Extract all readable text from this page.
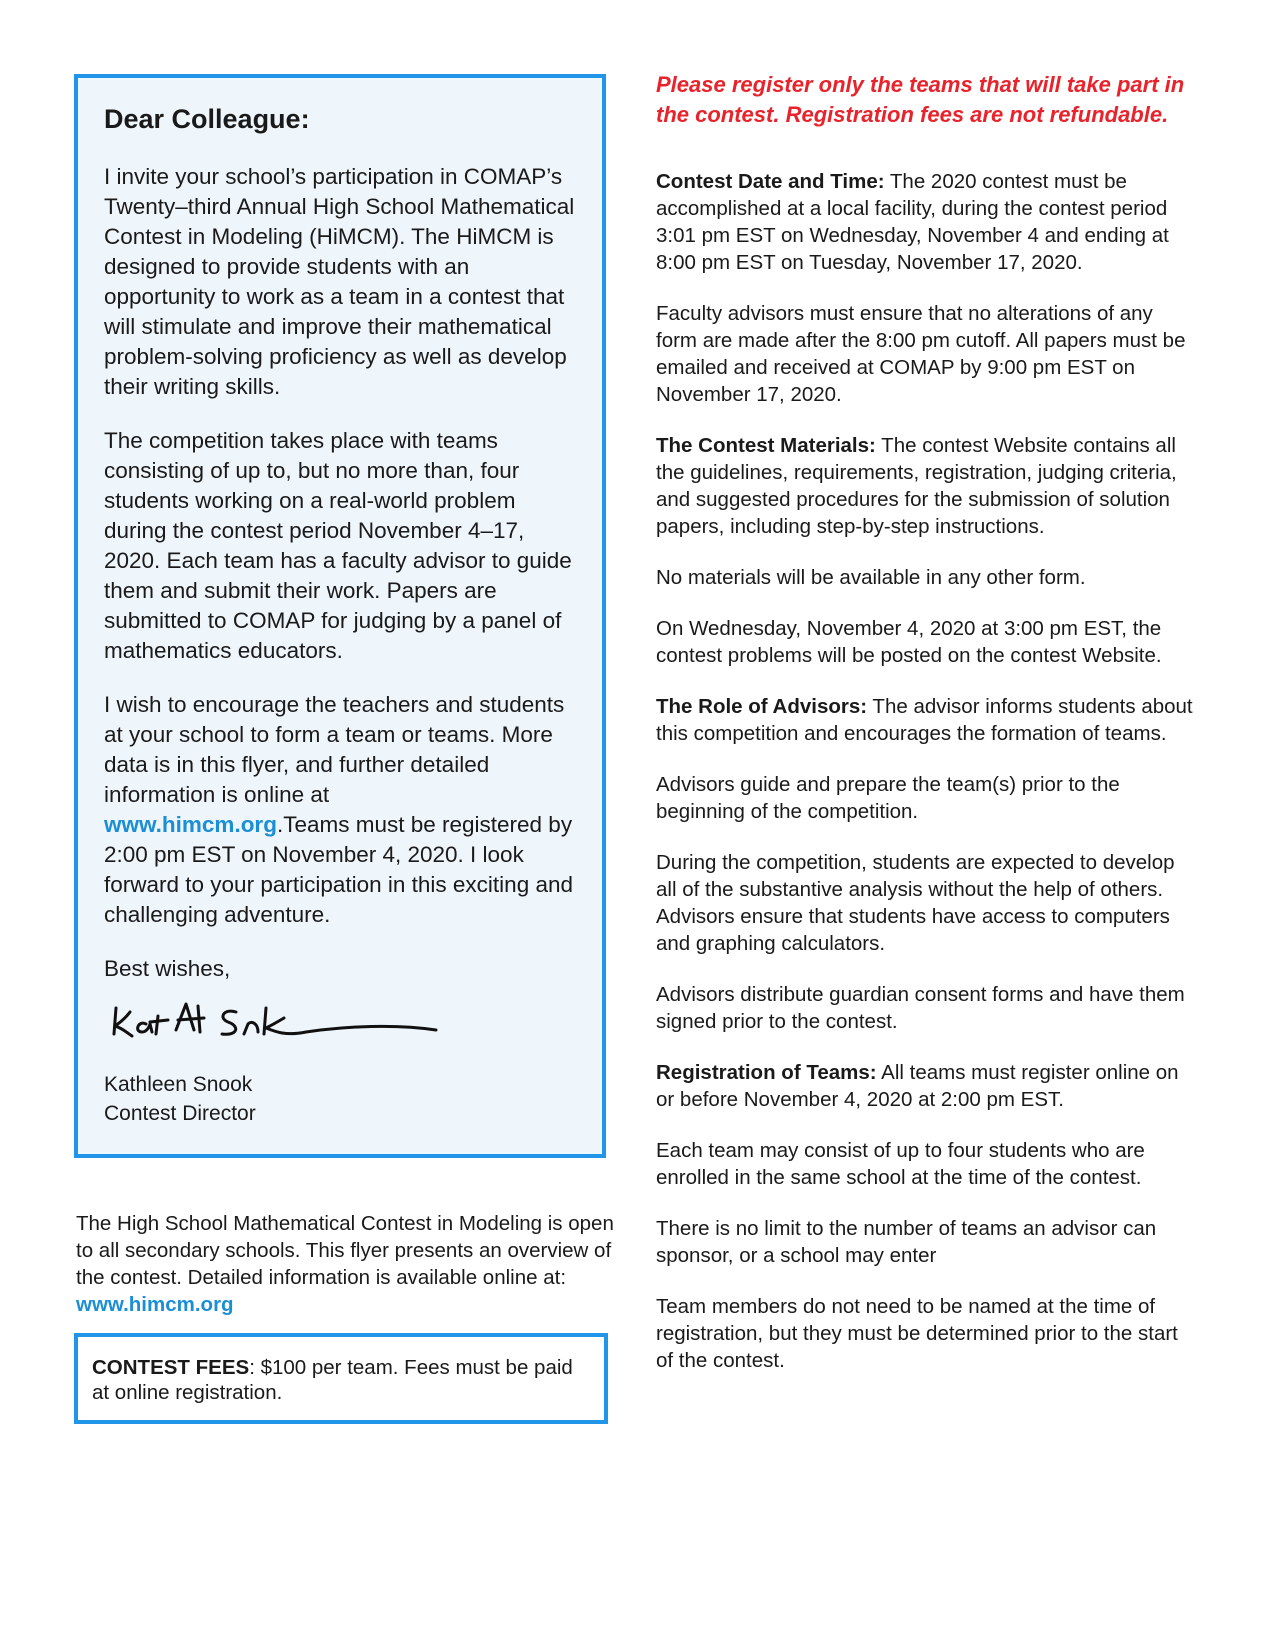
Dear Colleague:

I invite your school’s participation in COMAP’s Twenty–third Annual High School Mathematical Contest in Modeling (HiMCM). The HiMCM is designed to provide students with an opportunity to work as a team in a contest that will stimulate and improve their mathematical problem-solving proficiency as well as develop their writing skills.

The competition takes place with teams consisting of up to, but no more than, four students working on a real-world problem during the contest period November 4–17, 2020. Each team has a faculty advisor to guide them and submit their work. Papers are submitted to COMAP for judging by a panel of mathematics educators.

I wish to encourage the teachers and students at your school to form a team or teams. More data is in this flyer, and further detailed information is online at www.himcm.org.Teams must be registered by 2:00 pm EST on November 4, 2020. I look forward to your participation in this exciting and challenging adventure.

Best wishes,

Kathleen Snook

Contest Director

The High School Mathematical Contest in Modeling is open to all secondary schools. This flyer presents an overview of the contest. Detailed information is available online at: www.himcm.org

CONTEST FEES: $100 per team. Fees must be paid at online registration.

Please register only the teams that will take part in the contest. Registration fees are not refundable.

Contest Date and Time: The 2020 contest must be accomplished at a local facility, during the contest period 3:01 pm EST on Wednesday, November 4 and ending at 8:00 pm EST on Tuesday, November 17, 2020.

Faculty advisors must ensure that no alterations of any form are made after the 8:00 pm cutoff. All papers must be emailed and received at COMAP by 9:00 pm EST on November 17, 2020.

The Contest Materials: The contest Website contains all the guidelines, requirements, registration, judging criteria, and suggested procedures for the submission of solution papers, including step-by-step instructions.

No materials will be available in any other form.

On Wednesday, November 4, 2020 at 3:00 pm EST, the contest problems will be posted on the contest Website.

The Role of Advisors: The advisor informs students about this competition and encourages the formation of teams.

Advisors guide and prepare the team(s) prior to the beginning of the competition.

During the competition, students are expected to develop all of the substantive analysis without the help of others. Advisors ensure that students have access to computers and graphing calculators.

Advisors distribute guardian consent forms and have them signed prior to the contest.

Registration of Teams: All teams must register online on or before November 4, 2020 at 2:00 pm EST.

Each team may consist of up to four students who are enrolled in the same school at the time of the contest.

There is no limit to the number of teams an advisor can sponsor, or a school may enter

Team members do not need to be named at the time of registration, but they must be determined prior to the start of the contest.
